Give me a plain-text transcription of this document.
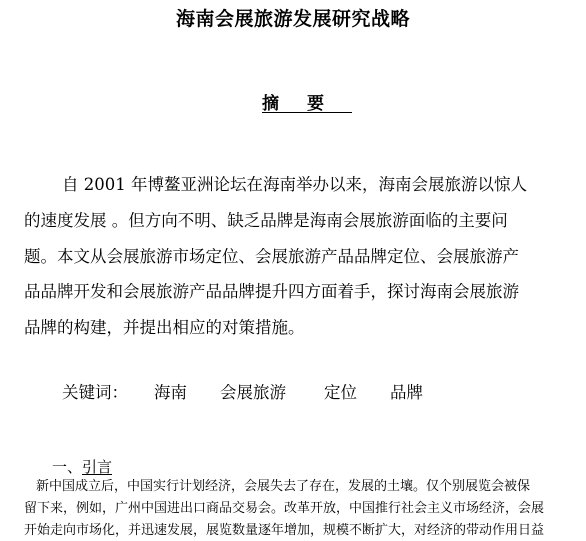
海南会展旅游发展研究战略
摘要
自 2001 年博鳌亚洲论坛在海南举办以来，海南会展旅游以惊人
的速度发展 。但方向不明、缺乏品牌是海南会展旅游面临的主要问
题。本文从会展旅游市场定位、会展旅游产品品牌定位、会展旅游产
品品牌开发和会展旅游产品品牌提升四方面着手，探讨海南会展旅游
品牌的构建，并提出相应的对策措施。
关键词： 海南 会展旅游 定位 品牌
一、引言
新中国成立后，中国实行计划经济，会展失去了存在，发展的土壤。仅个别展览会被保
留下来，例如，广州中国进出口商品交易会。改革开放，中国推行社会主义市场经济，会展
开始走向市场化，并迅速发展，展览数量逐年增加，规模不断扩大，对经济的带动作用日益
